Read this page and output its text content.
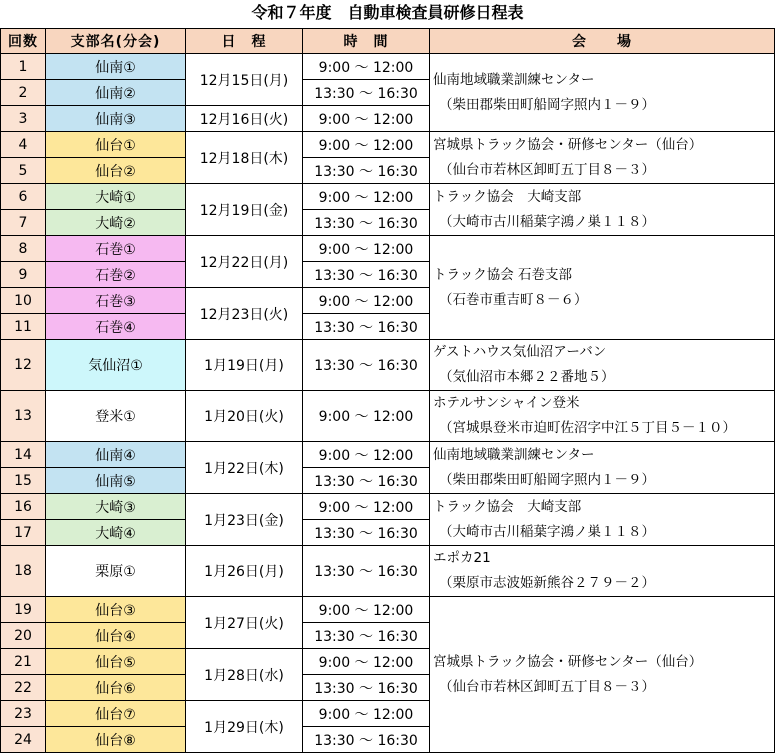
令和７年度　自動車検査員研修日程表
回数	支部名(分会)	日　程	時　間	会　　場
1	仙南①	12月15日(月)	9:00 ～ 12:00	仙南地域職業訓練センター
（柴田郡柴田町船岡字照内１－９）

2	仙南②		13:30 ～ 16:30	
3	仙南③	12月16日(火)	9:00 ～ 12:00	
4	仙台①	12月18日(木)	9:00 ～ 12:00	宮城県トラック協会・研修センター（仙台）
（仙台市若林区卸町五丁目８－３）

5	仙台②		13:30 ～ 16:30	
6	大崎①	12月19日(金)	9:00 ～ 12:00	トラック協会　大崎支部
（大崎市古川稲葉字鴻ノ巣１１８）

7	大崎②		13:30 ～ 16:30	
8	石巻①	12月22日(月)	9:00 ～ 12:00	トラック協会 石巻支部
（石巻市重吉町８－６）

9	石巻②		13:30 ～ 16:30	
10	石巻③	12月23日(火)	9:00 ～ 12:00	
11	石巻④		13:30 ～ 16:30	
12	気仙沼①	1月19日(月)	13:30 ～ 16:30	ゲストハウス気仙沼アーバン
（気仙沼市本郷２２番地５）

13	登米①	1月20日(火)	9:00 ～ 12:00	ホテルサンシャイン登米
（宮城県登米市迫町佐沼字中江５丁目５－１０）

14	仙南④	1月22日(木)	9:00 ～ 12:00	仙南地域職業訓練センター
（柴田郡柴田町船岡字照内１－９）

15	仙南⑤		13:30 ～ 16:30	
16	大崎③	1月23日(金)	9:00 ～ 12:00	トラック協会　大崎支部
（大崎市古川稲葉字鴻ノ巣１１８）

17	大崎④		13:30 ～ 16:30	
18	栗原①	1月26日(月)	13:30 ～ 16:30	エポカ21
（栗原市志波姫新熊谷２７９－２）

19	仙台③	1月27日(火)	9:00 ～ 12:00	宮城県トラック協会・研修センター（仙台）
（仙台市若林区卸町五丁目８－３）

20	仙台④		13:30 ～ 16:30	
21	仙台⑤	1月28日(水)	9:00 ～ 12:00	
22	仙台⑥		13:30 ～ 16:30	
23	仙台⑦	1月29日(木)	9:00 ～ 12:00	
24	仙台⑧		13:30 ～ 16:30	
